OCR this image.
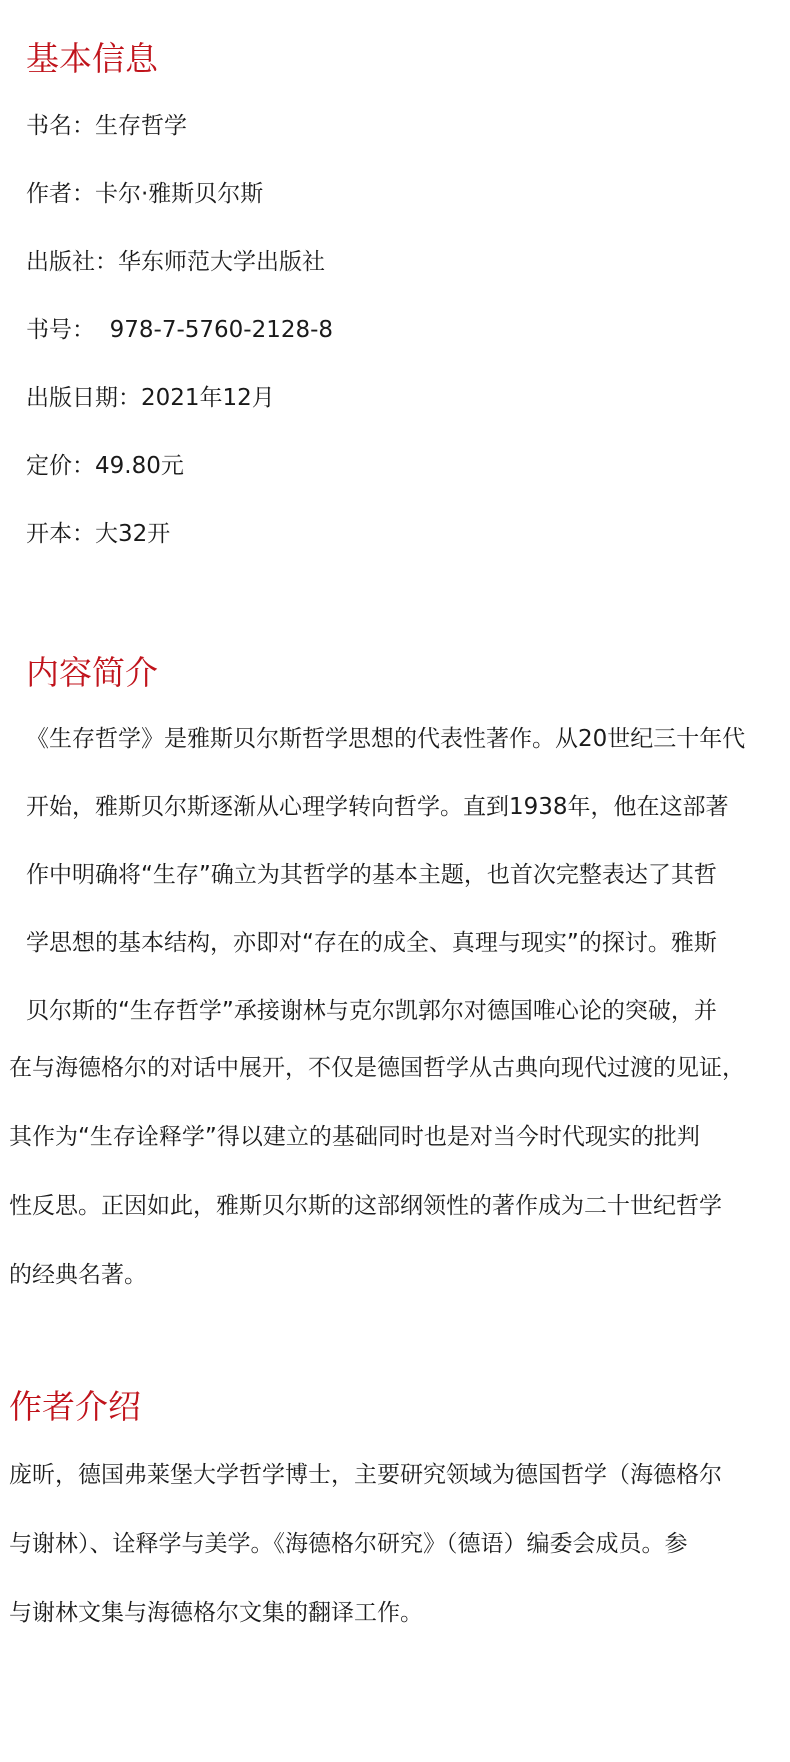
基本信息
书名：生存哲学
作者：卡尔·雅斯贝尔斯
出版社：华东师范大学出版社
书号：  978-7-5760-2128-8
出版日期：2021年12月
定价：49.80元
开本：大32开
内容简介
《生存哲学》是雅斯贝尔斯哲学思想的代表性著作。从20世纪三十年代
开始，雅斯贝尔斯逐渐从心理学转向哲学。直到1938年，他在这部著
作中明确将“生存”确立为其哲学的基本主题，也首次完整表达了其哲
学思想的基本结构，亦即对“存在的成全、真理与现实”的探讨。雅斯
贝尔斯的“生存哲学”承接谢林与克尔凯郭尔对德国唯心论的突破，并
在与海德格尔的对话中展开，不仅是德国哲学从古典向现代过渡的见证，
其作为“生存诠释学”得以建立的基础同时也是对当今时代现实的批判
性反思。正因如此，雅斯贝尔斯的这部纲领性的著作成为二十世纪哲学
的经典名著。
作者介绍
庞昕，德国弗莱堡大学哲学博士，主要研究领域为德国哲学（海德格尔
与谢林）、诠释学与美学。《海德格尔研究》（德语）编委会成员。参
与谢林文集与海德格尔文集的翻译工作。
